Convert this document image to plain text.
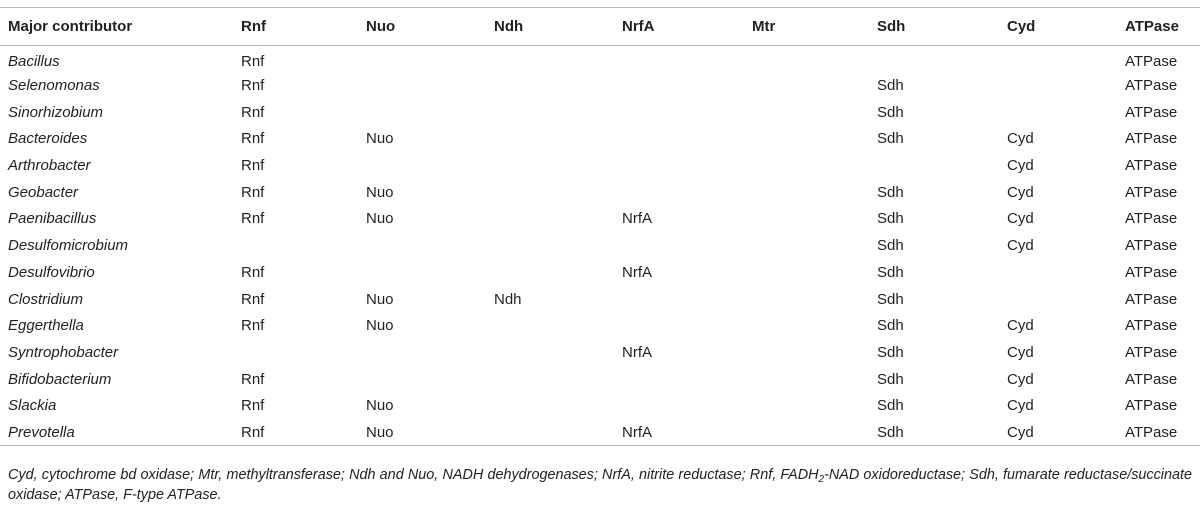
Major contributor	Rnf	Nuo	Ndh	NrfA	Mtr	Sdh	Cyd	ATPase
Bacillus	Rnf							ATPase
Selenomonas	Rnf					Sdh		ATPase
Sinorhizobium	Rnf					Sdh		ATPase
Bacteroides	Rnf	Nuo				Sdh	Cyd	ATPase
Arthrobacter	Rnf						Cyd	ATPase
Geobacter	Rnf	Nuo				Sdh	Cyd	ATPase
Paenibacillus	Rnf	Nuo		NrfA		Sdh	Cyd	ATPase
Desulfomicrobium						Sdh	Cyd	ATPase
Desulfovibrio	Rnf			NrfA		Sdh		ATPase
Clostridium	Rnf	Nuo	Ndh			Sdh		ATPase
Eggerthella	Rnf	Nuo				Sdh	Cyd	ATPase
Syntrophobacter				NrfA		Sdh	Cyd	ATPase
Bifidobacterium	Rnf					Sdh	Cyd	ATPase
Slackia	Rnf	Nuo				Sdh	Cyd	ATPase
Prevotella	Rnf	Nuo		NrfA		Sdh	Cyd	ATPase
Cyd, cytochrome bd oxidase; Mtr, methyltransferase; Ndh and Nuo, NADH dehydrogenases; NrfA, nitrite reductase; Rnf, $FADH_2$-NAD oxidoreductase; Sdh, fumarate reductase/succinate oxidase; ATPase, F-type ATPase.
